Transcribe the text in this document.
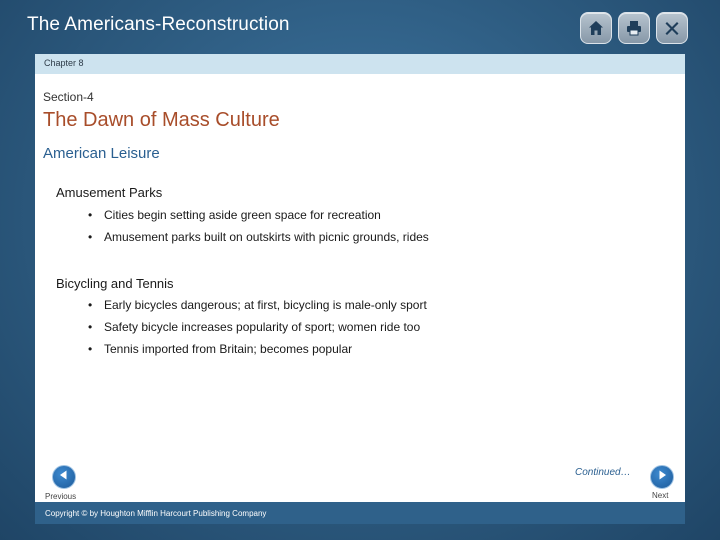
The Americans-Reconstruction
Chapter 8
Section-4
The Dawn of Mass Culture
American Leisure
Amusement Parks
• Cities begin setting aside green space for recreation
• Amusement parks built on outskirts with picnic grounds, rides
Bicycling and Tennis
• Early bicycles dangerous; at first, bicycling is male-only sport
• Safety bicycle increases popularity of sport; women ride too
• Tennis imported from Britain; becomes popular
Continued…
Previous	Next
Copyright © by Houghton Mifflin Harcourt Publishing Company
